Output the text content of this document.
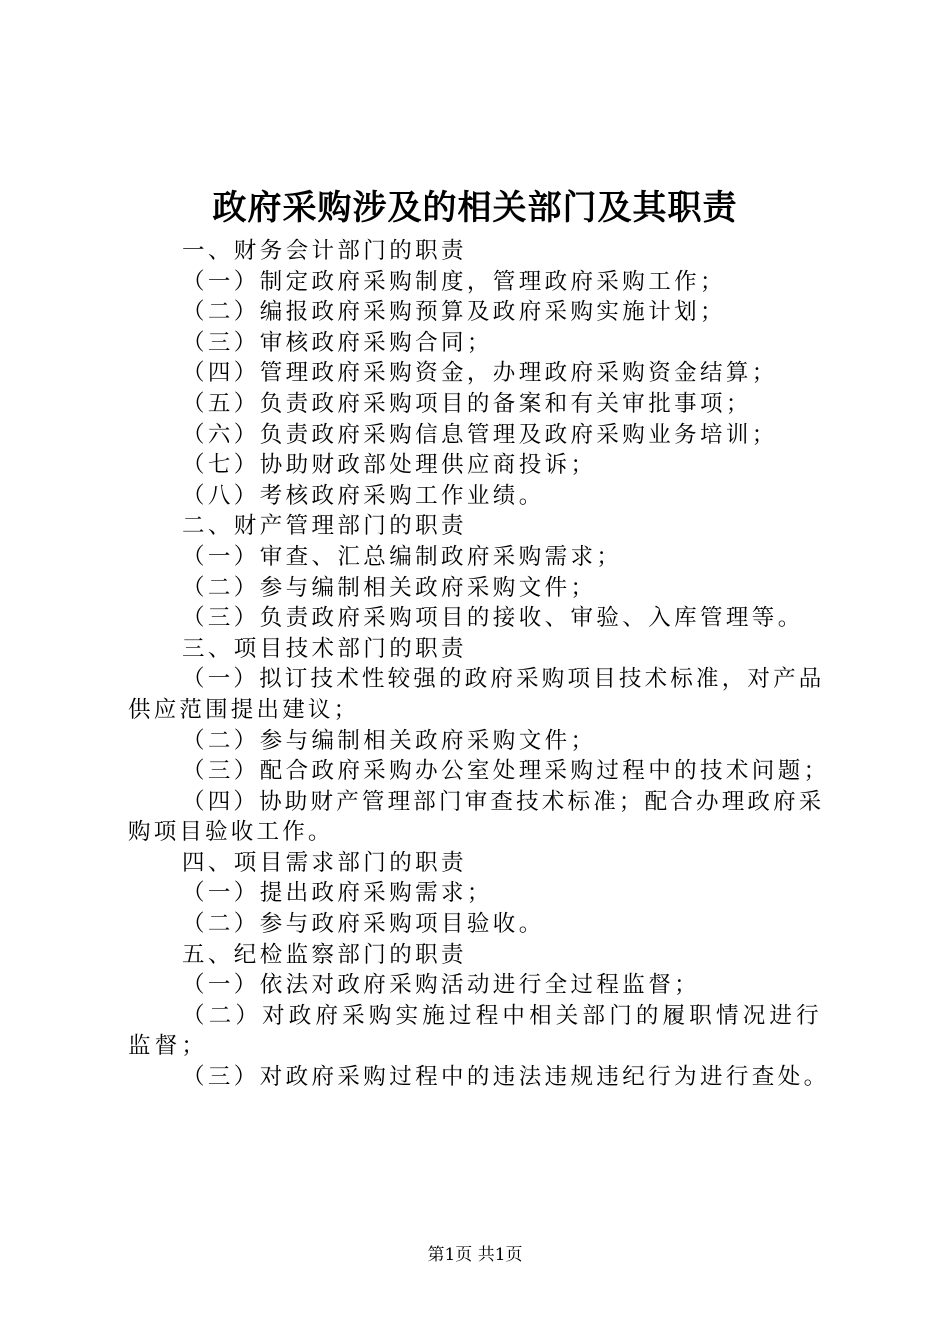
政府采购涉及的相关部门及其职责
一、财务会计部门的职责
（一）制定政府采购制度，管理政府采购工作；
（二）编报政府采购预算及政府采购实施计划；
（三）审核政府采购合同；
（四）管理政府采购资金，办理政府采购资金结算；
（五）负责政府采购项目的备案和有关审批事项；
（六）负责政府采购信息管理及政府采购业务培训；
（七）协助财政部处理供应商投诉；
（八）考核政府采购工作业绩。
二、财产管理部门的职责
（一）审查、汇总编制政府采购需求；
（二）参与编制相关政府采购文件；
（三）负责政府采购项目的接收、审验、入库管理等。
三、项目技术部门的职责
（一）拟订技术性较强的政府采购项目技术标准，对产品供应范围提出建议；
（二）参与编制相关政府采购文件；
（三）配合政府采购办公室处理采购过程中的技术问题；
（四）协助财产管理部门审查技术标准；配合办理政府采购项目验收工作。
四、项目需求部门的职责
（一）提出政府采购需求；
（二）参与政府采购项目验收。
五、纪检监察部门的职责
（一）依法对政府采购活动进行全过程监督；
（二）对政府采购实施过程中相关部门的履职情况进行监督；
（三）对政府采购过程中的违法违规违纪行为进行查处。
第1页 共1页
